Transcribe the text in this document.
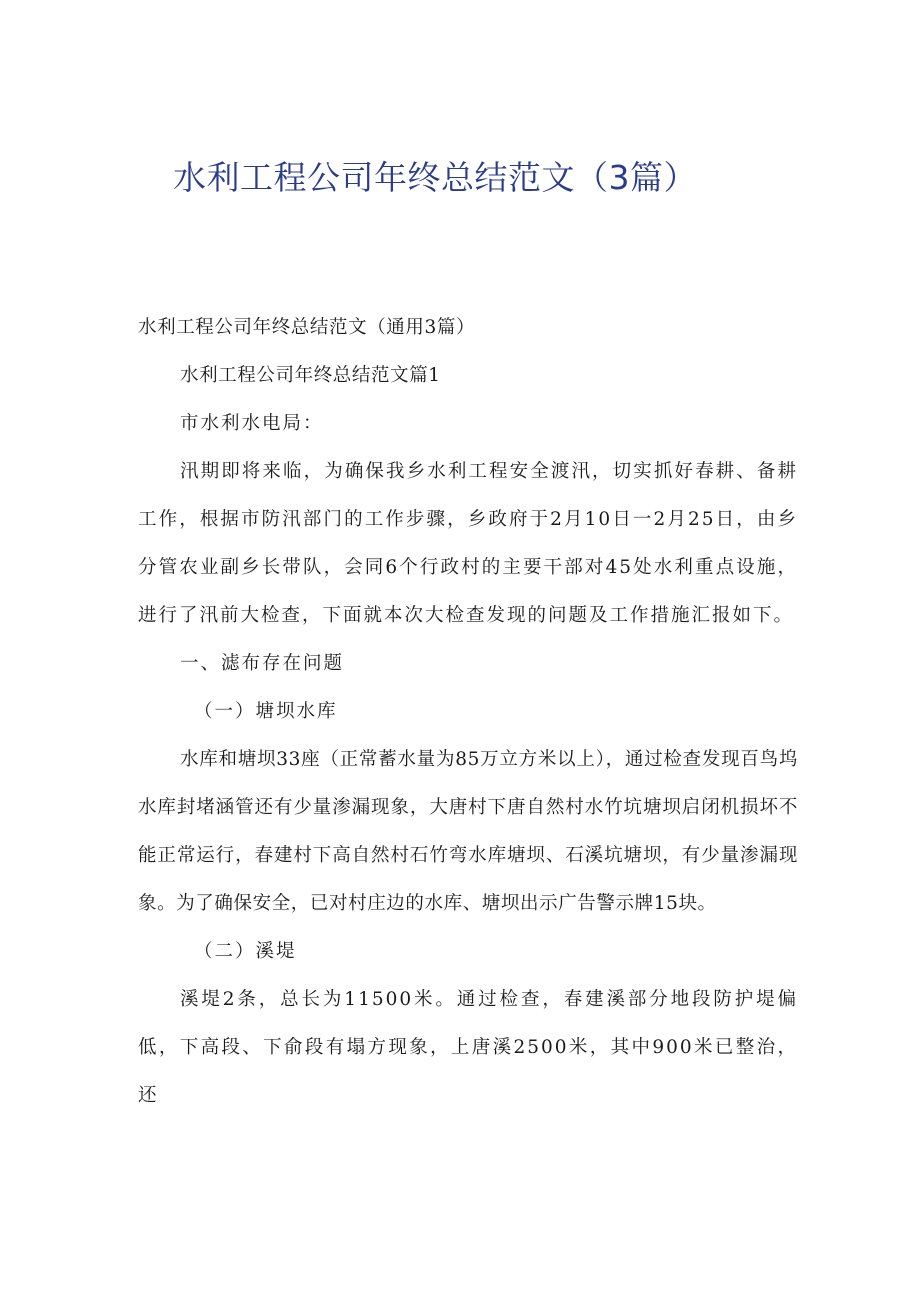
水利工程公司年终总结范文（3篇）

水利工程公司年终总结范文（通用3篇）

水利工程公司年终总结范文篇1

市水利水电局：

汛期即将来临，为确保我乡水利工程安全渡汛，切实抓好春耕、备耕工作，根据市防汛部门的工作步骤，乡政府于2月10日一2月25日，由乡分管农业副乡长带队，会同6个行政村的主要干部对45处水利重点设施，进行了汛前大检查，下面就本次大检查发现的问题及工作措施汇报如下。

一、滤布存在问题

（一）塘坝水库

水库和塘坝33座（正常蓄水量为85万立方米以上），通过检查发现百鸟坞水库封堵涵管还有少量渗漏现象，大唐村下唐自然村水竹坑塘坝启闭机损坏不能正常运行，春建村下高自然村石竹弯水库塘坝、石溪坑塘坝，有少量渗漏现象。为了确保安全，已对村庄边的水库、塘坝出示广告警示牌15块。

（二）溪堤

溪堤2条，总长为11500米。通过检查，春建溪部分地段防护堤偏低，下高段、下俞段有塌方现象，上唐溪2500米，其中900米已整治，还
